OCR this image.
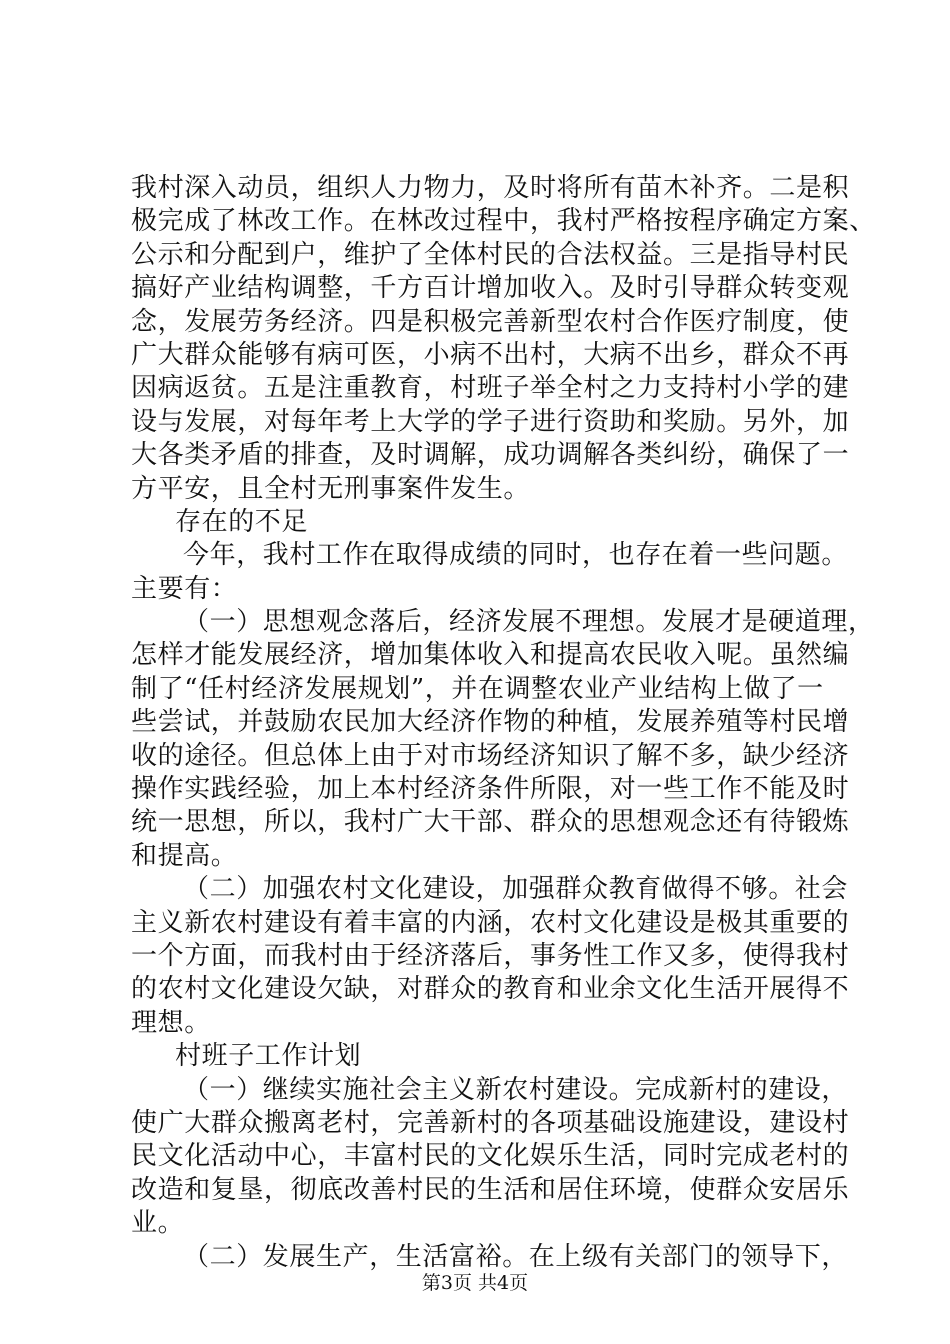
我村深入动员，组织人力物力，及时将所有苗木补齐。二是积
极完成了林改工作。在林改过程中，我村严格按程序确定方案、
公示和分配到户，维护了全体村民的合法权益。三是指导村民
搞好产业结构调整，千方百计增加收入。及时引导群众转变观
念，发展劳务经济。四是积极完善新型农村合作医疗制度，使
广大群众能够有病可医，小病不出村，大病不出乡，群众不再
因病返贫。五是注重教育，村班子举全村之力支持村小学的建
设与发展，对每年考上大学的学子进行资助和奖励。另外，加
大各类矛盾的排查，及时调解，成功调解各类纠纷，确保了一
方平安，且全村无刑事案件发生。
存在的不足
今年，我村工作在取得成绩的同时，也存在着一些问题。
主要有：
（一）思想观念落后，经济发展不理想。发展才是硬道理，
怎样才能发展经济，增加集体收入和提高农民收入呢。虽然编
制了“任村经济发展规划”，并在调整农业产业结构上做了一
些尝试，并鼓励农民加大经济作物的种植，发展养殖等村民增
收的途径。但总体上由于对市场经济知识了解不多，缺少经济
操作实践经验，加上本村经济条件所限，对一些工作不能及时
统一思想，所以，我村广大干部、群众的思想观念还有待锻炼
和提高。
（二）加强农村文化建设，加强群众教育做得不够。社会
主义新农村建设有着丰富的内涵，农村文化建设是极其重要的
一个方面，而我村由于经济落后，事务性工作又多，使得我村
的农村文化建设欠缺，对群众的教育和业余文化生活开展得不
理想。
村班子工作计划
（一）继续实施社会主义新农村建设。完成新村的建设，
使广大群众搬离老村，完善新村的各项基础设施建设，建设村
民文化活动中心，丰富村民的文化娱乐生活，同时完成老村的
改造和复垦，彻底改善村民的生活和居住环境，使群众安居乐
业。
（二）发展生产，生活富裕。在上级有关部门的领导下，
第3页 共4页
